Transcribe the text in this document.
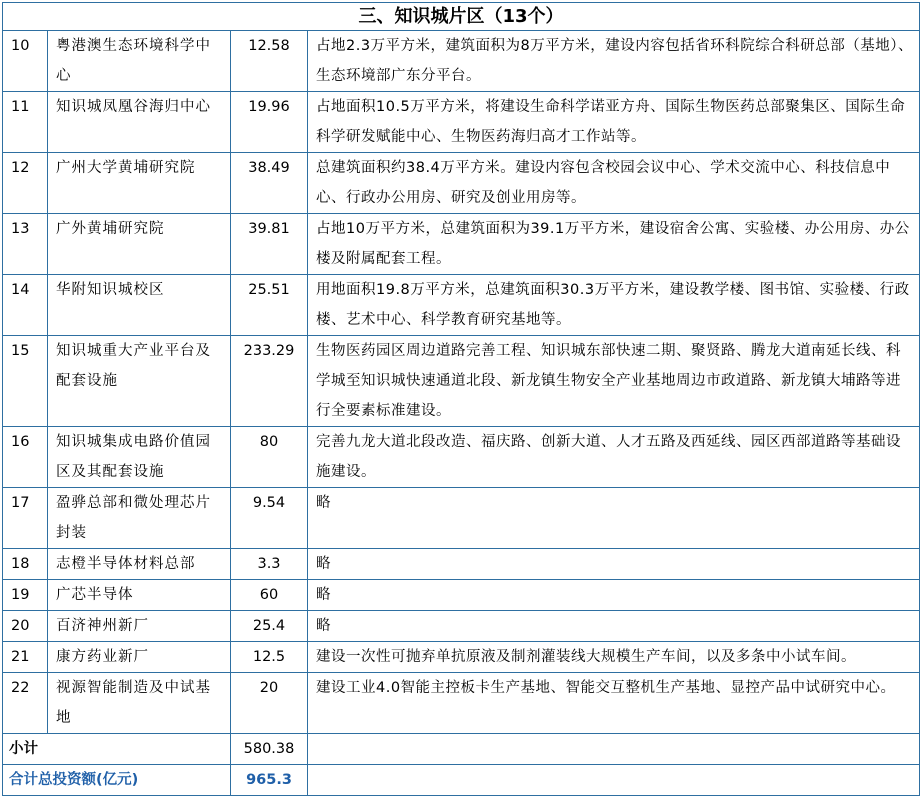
三、知识城片区（13个）			
10	粤港澳生态环境科学中心	12.58	占地2.3万平方米，建筑面积为8万平方米，建设内容包括省环科院综合科研总部（基地）、生态环境部广东分平台。
11	知识城凤凰谷海归中心	19.96	占地面积10.5万平方米，将建设生命科学诺亚方舟、国际生物医药总部聚集区、国际生命科学研发赋能中心、生物医药海归高才工作站等。
12	广州大学黄埔研究院	38.49	总建筑面积约38.4万平方米。建设内容包含校园会议中心、学术交流中心、科技信息中心、行政办公用房、研究及创业用房等。
13	广外黄埔研究院	39.81	占地10万平方米，总建筑面积为39.1万平方米，建设宿舍公寓、实验楼、办公用房、办公楼及附属配套工程。
14	华附知识城校区	25.51	用地面积19.8万平方米，总建筑面积30.3万平方米，建设教学楼、图书馆、实验楼、行政楼、艺术中心、科学教育研究基地等。
15	知识城重大产业平台及配套设施	233.29	生物医药园区周边道路完善工程、知识城东部快速二期、聚贤路、腾龙大道南延长线、科学城至知识城快速通道北段、新龙镇生物安全产业基地周边市政道路、新龙镇大埔路等进行全要素标准建设。
16	知识城集成电路价值园区及其配套设施	80	完善九龙大道北段改造、福庆路、创新大道、人才五路及西延线、园区西部道路等基础设施建设。
17	盈骅总部和微处理芯片封装	9.54	略
18	志橙半导体材料总部	3.3	略
19	广芯半导体	60	略
20	百济神州新厂	25.4	略
21	康方药业新厂	12.5	建设一次性可抛弃单抗原液及制剂灌装线大规模生产车间，以及多条中小试车间。
22	视源智能制造及中试基地	20	建设工业4.0智能主控板卡生产基地、智能交互整机生产基地、显控产品中试研究中心。
小计		580.38	
合计总投资额(亿元)		965.3	
